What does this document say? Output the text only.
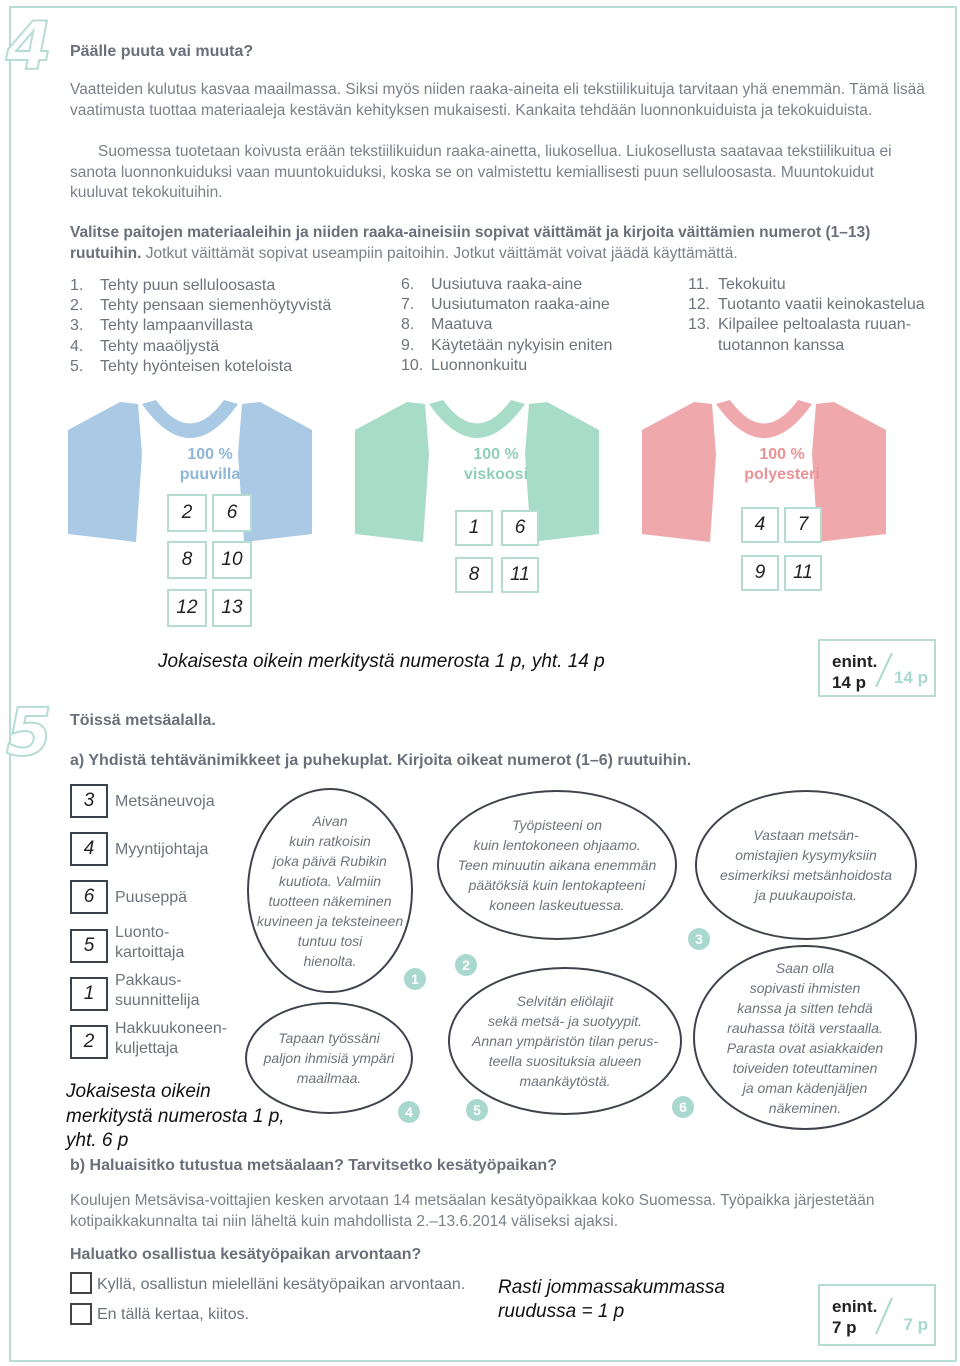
4 Päälle puuta vai muuta?
Vaatteiden kulutus kasvaa maailmassa. Siksi myös niiden raaka-aineita eli tekstiilikuituja tarvitaan yhä enemmän. Tämä lisää vaatimusta tuottaa materiaaleja kestävän kehityksen mukaisesti. Kankaita tehdään luonnonkuiduista ja tekokuiduista.
Suomessa tuotetaan koivusta erään tekstiilikuidun raaka-ainetta, liukosellua. Liukosellusta saatavaa tekstiilikuitua ei sanota luonnonkuiduksi vaan muuntokuiduksi, koska se on valmistettu kemiallisesti puun selluloosasta. Muuntokuidut kuuluvat tekokuituihin.
Valitse paitojen materiaaleihin ja niiden raaka-aineisiin sopivat väittämät ja kirjoita väittämien numerot (1–13) ruutuihin. Jotkut väittämät sopivat useampiin paitoihin. Jotkut väittämät voivat jäädä käyttämättä.
1. Tehty puun selluloosasta
2. Tehty pensaan siemenhöytyvistä
3. Tehty lampaanvillasta
4. Tehty maaöljystä
5. Tehty hyönteisen koteloista
6. Uusiutuva raaka-aine
7. Uusiutumaton raaka-aine
8. Maatuva
9. Käytetään nykyisin eniten
10. Luonnonkuitu
11. Tekokuitu
12. Tuotanto vaatii keinokastelua
13. Kilpailee peltoalasta ruuan-
tuotannon kanssa
100 %
puuvilla
2	6
8	10
12	13
100 %
viskoosi
1	6
8	11
100 %
polyesteri
4	7
9	11
Jokaisesta oikein merkitystä numerosta 1 p, yht. 14 p	enint.
14 p	14 p
5 Töissä metsäalalla.
a) Yhdistä tehtävänimikkeet ja puhekuplat. Kirjoita oikeat numerot (1–6) ruutuihin.
3	Metsäneuvoja
4	Myyntijohtaja
6	Puuseppä
5
Luonto-
kartoittaja
1
Pakkaus-
suunnittelija
2
Hakkuukoneen-
kuljettaja
Aivan
kuin ratkoisin
joka päivä Rubikin
kuutiota. Valmiin
tuotteen näkeminen
kuvineen ja teksteineen
tuntuu tosi
hienolta.
1
Työpisteeni on
kuin lentokoneen ohjaamo.
Teen minuutin aikana enemmän
päätöksiä kuin lentokapteeni
koneen laskeutuessa.
2
Vastaan metsän-
omistajien kysymyksiin
esimerkiksi metsänhoidosta
ja puukaupoista.
3
Tapaan työssäni
paljon ihmisiä ympäri
maailmaa.
4
Selvitän eliölajit
sekä metsä- ja suotyypit.
Annan ympäristön tilan perus-
teella suosituksia alueen
maankäytöstä.
5
Saan olla
sopivasti ihmisten
kanssa ja sitten tehdä
rauhassa töitä verstaalla.
Parasta ovat asiakkaiden
toiveiden toteuttaminen
ja oman kädenjäljen
näkeminen.
6
Jokaisesta oikein
merkitystä numerosta 1 p,
yht. 6 p
b) Haluaisitko tutustua metsäalaan? Tarvitsetko kesätyöpaikan?
Koulujen Metsävisa-voittajien kesken arvotaan 14 metsäalan kesätyöpaikkaa koko Suomessa. Työpaikka järjestetään kotipaikkakunnalta tai niin läheltä kuin mahdollista 2.–13.6.2014 väliseksi ajaksi.
Haluatko osallistua kesätyöpaikan arvontaan?
Kyllä, osallistun mielelläni kesätyöpaikan arvontaan.
En tällä kertaa, kiitos.
Rasti jommassakummassa
ruudussa = 1 p	enint.
7 p	7 p
